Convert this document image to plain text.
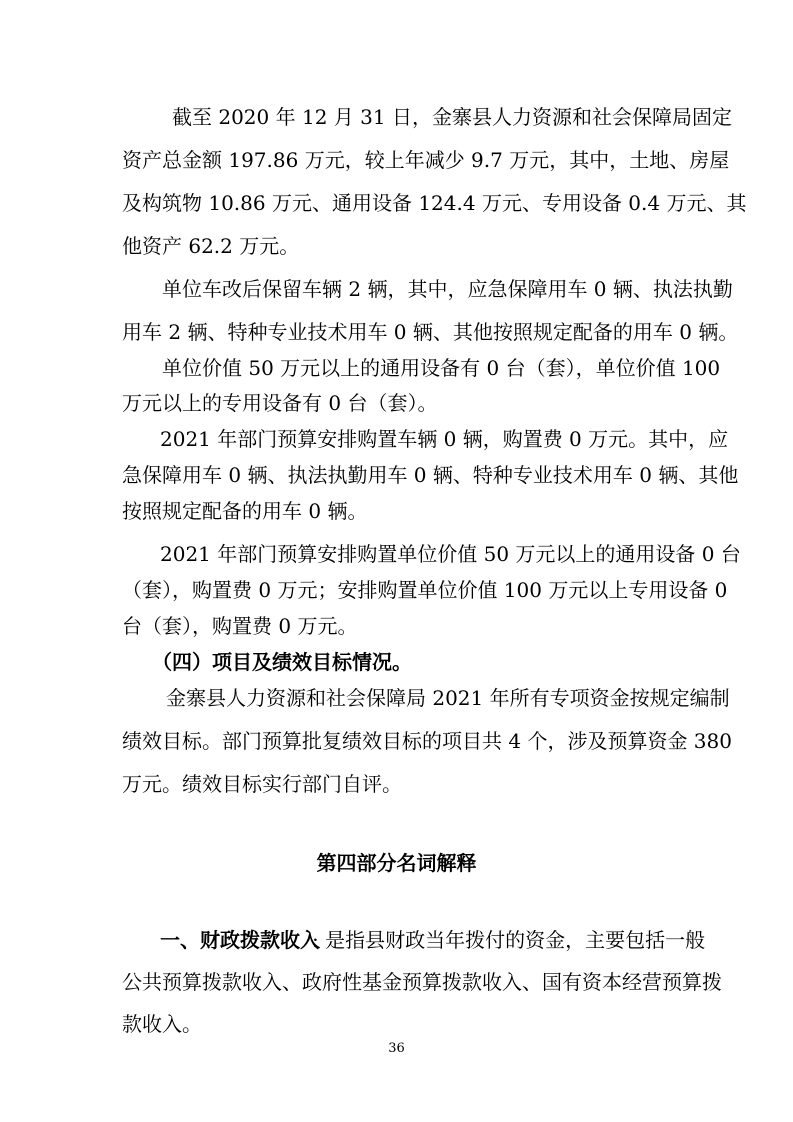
截至 2020 年 12 月 31 日，金寨县人力资源和社会保障局固定

资产总金额 197.86 万元，较上年减少 9.7 万元，其中，土地、房屋

及构筑物 10.86 万元、通用设备 124.4 万元、专用设备 0.4 万元、其

他资产 62.2 万元。

单位车改后保留车辆 2 辆，其中，应急保障用车 0 辆、执法执勤

用车 2 辆、特种专业技术用车 0 辆、其他按照规定配备的用车 0 辆。

单位价值 50 万元以上的通用设备有 0 台（套），单位价值 100

万元以上的专用设备有 0 台（套）。

2021 年部门预算安排购置车辆 0 辆，购置费 0 万元。其中，应

急保障用车 0 辆、执法执勤用车 0 辆、特种专业技术用车 0 辆、其他

按照规定配备的用车 0 辆。

2021 年部门预算安排购置单位价值 50 万元以上的通用设备 0 台

（套），购置费 0 万元；安排购置单位价值 100 万元以上专用设备 0

台（套），购置费 0 万元。

（四）项目及绩效目标情况。

金寨县人力资源和社会保障局 2021 年所有专项资金按规定编制

绩效目标。部门预算批复绩效目标的项目共 4 个，涉及预算资金 380

万元。绩效目标实行部门自评。

第四部分名词解释

一、财政拨款收入

: 是指县财政当年拨付的资金，主要包括一般

公共预算拨款收入、政府性基金预算拨款收入、国有资本经营预算拨

款收入。

36
